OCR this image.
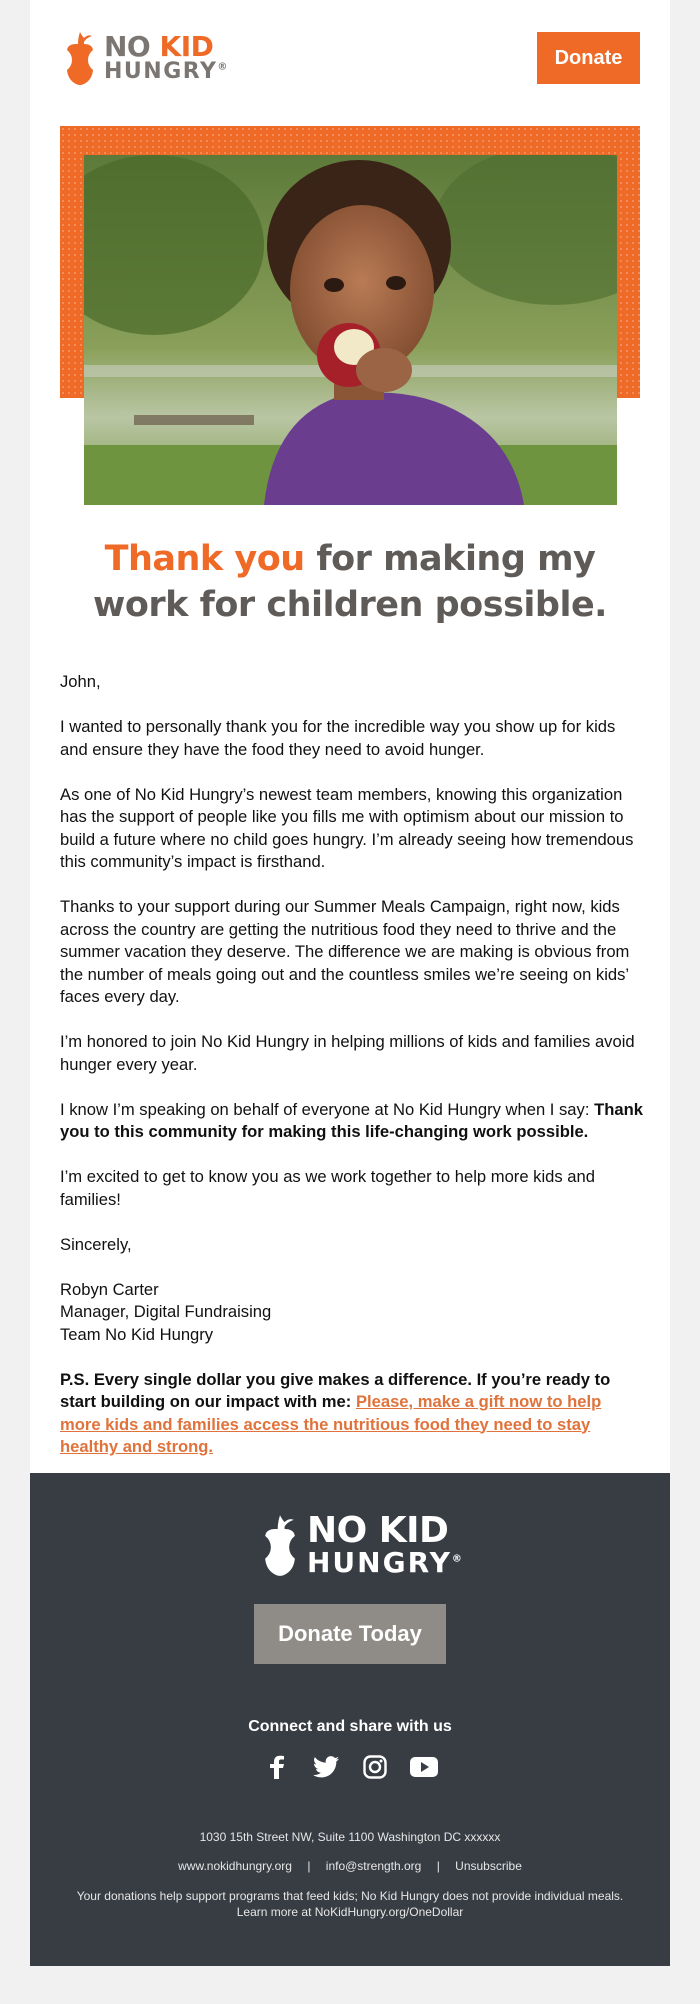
NO KID
HUNGRY®	Donate
Thank you for making my
work for children possible.

John,

I wanted to personally thank you for the incredible way you show up for kids and ensure they have the food they need to avoid hunger.

As one of No Kid Hungry’s newest team members, knowing this organization has the support of people like you fills me with optimism about our mission to build a future where no child goes hungry. I’m already seeing how tremendous this community’s impact is firsthand.

Thanks to your support during our Summer Meals Campaign, right now, kids across the country are getting the nutritious food they need to thrive and the summer vacation they deserve. The difference we are making is obvious from the number of meals going out and the countless smiles we’re seeing on kids’ faces every day.

I’m honored to join No Kid Hungry in helping millions of kids and families avoid hunger every year.

I know I’m speaking on behalf of everyone at No Kid Hungry when I say: Thank you to this community for making this life-changing work possible.

I’m excited to get to know you as we work together to help more kids and families!

Sincerely,

Robyn Carter
Manager, Digital Fundraising
Team No Kid Hungry

P.S. Every single dollar you give makes a difference. If you’re ready to start building on our impact with me: Please, make a gift now to help more kids and families access the nutritious food they need to stay healthy and strong.

NO KID
HUNGRY®
Donate Today
Connect and share with us
1030 15th Street NW, Suite 1100 Washington DC xxxxxx
www.nokidhungry.org | info@strength.org | Unsubscribe
Your donations help support programs that feed kids; No Kid Hungry does not provide individual meals.
Learn more at NoKidHungry.org/OneDollar
